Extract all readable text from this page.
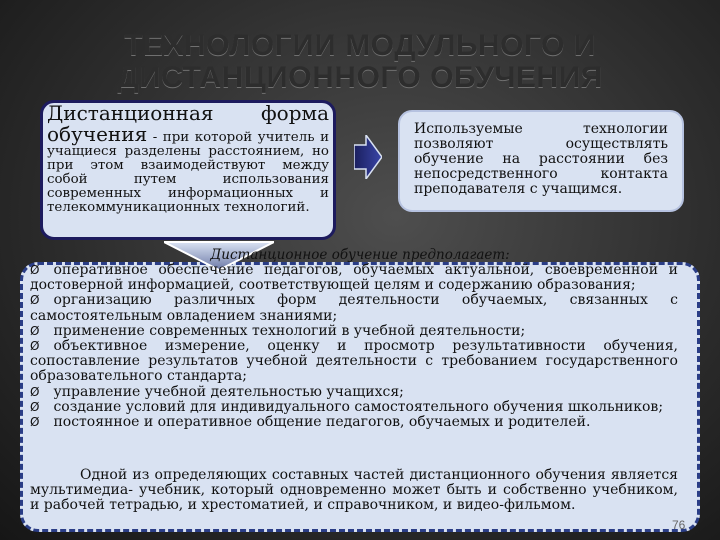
ТЕХНОЛОГИИ МОДУЛЬНОГО И
ДИСТАНЦИОННОГО ОБУЧЕНИЯ
Дистанционная форма обучения - при которой учитель и учащиеся разделены расстоянием, но при этом взаимодействуют между собой путем использования современных информационных и телекоммуникационных технологий.
Используемые технологии позволяют осуществлять обучение на расстоянии без непосредственного контакта преподавателя с учащимся.
Дистанционное обучение предполагает:

Ø оперативное обеспечение педагогов, обучаемых актуальной, своевременной и достоверной информацией, соответствующей целям и содержанию образования;

Ø организацию различных форм деятельности обучаемых, связанных с самостоятельным овладением знаниями;

Ø применение современных технологий в учебной деятельности;

Ø объективное измерение, оценку и просмотр результативности обучения, сопоставление результатов учебной деятельности с требованием государственного образовательного стандарта;

Ø управление учебной деятельностью учащихся;

Ø создание условий для индивидуального самостоятельного обучения школьников;

Ø постоянное и оперативное общение педагогов, обучаемых и родителей.

Одной из определяющих составных частей дистанционного обучения является мультимедиа- учебник, который одновременно может быть и собственно учебником, и рабочей тетрадью, и хрестоматией, и справочником, и видео-фильмом.
76
